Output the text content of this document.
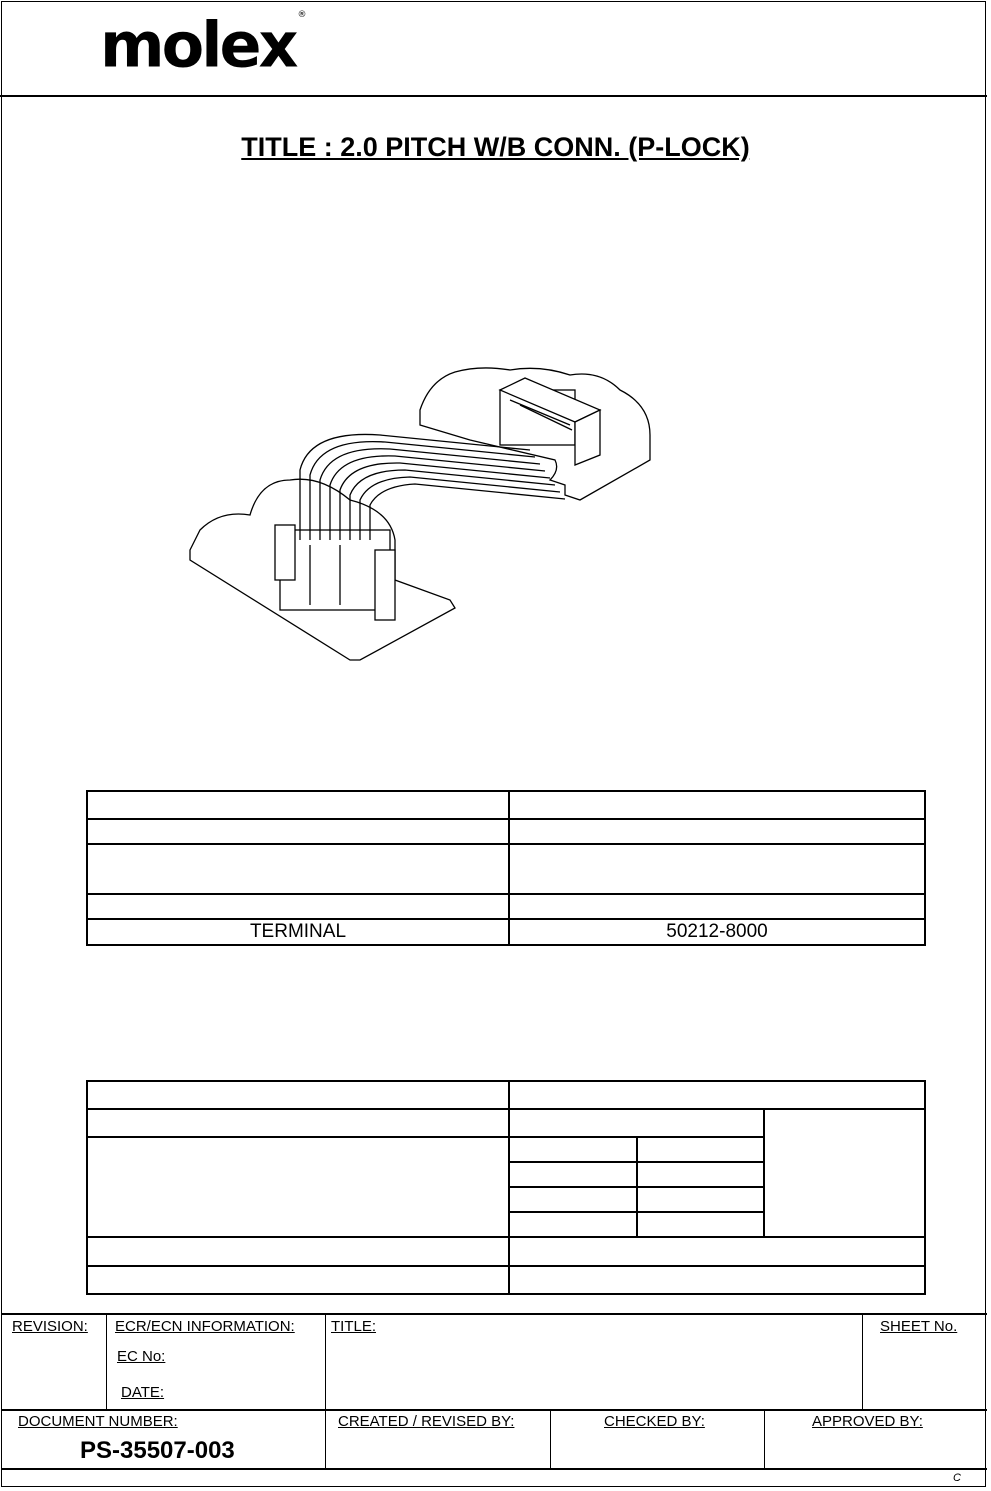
molex ®
TITLE : 2.0 PITCH W/B CONN. (P-LOCK)

TERMINAL	50212-8000

REVISION: ECR/ECN INFORMATION:
EC No:
DATE:
TITLE:	SHEET No.
DOCUMENT NUMBER:
PS-35507-003
CREATED / REVISED BY:	CHECKED BY:	APPROVED BY:
C
